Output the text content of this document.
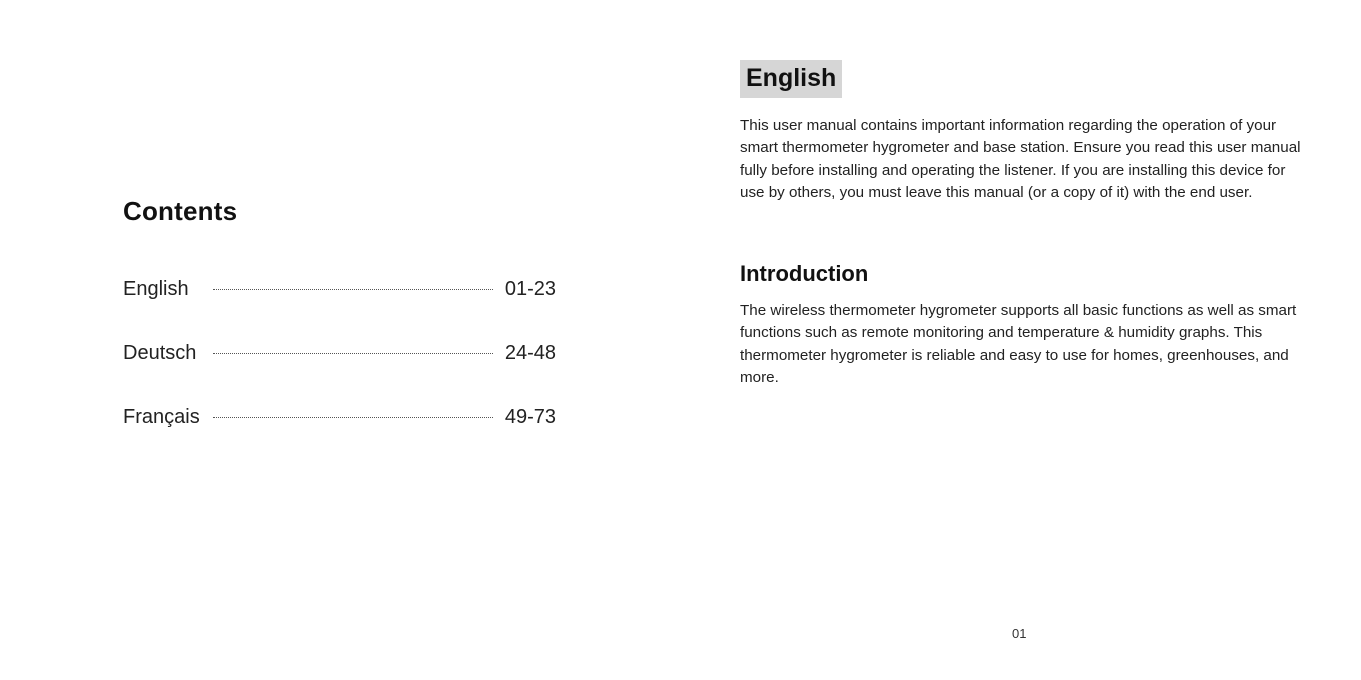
Contents
English	01-23
Deutsch	24-48
Français	49-73
English

This user manual contains important information regarding the operation of your smart thermometer hygrometer and base station. Ensure you read this user manual fully before installing and operating the listener. If you are installing this device for use by others, you must leave this manual (or a copy of it) with the end user.

Introduction

The wireless thermometer hygrometer supports all basic functions as well as smart functions such as remote monitoring and temperature & humidity graphs. This thermometer hygrometer is reliable and easy to use for homes, greenhouses, and more.

01
